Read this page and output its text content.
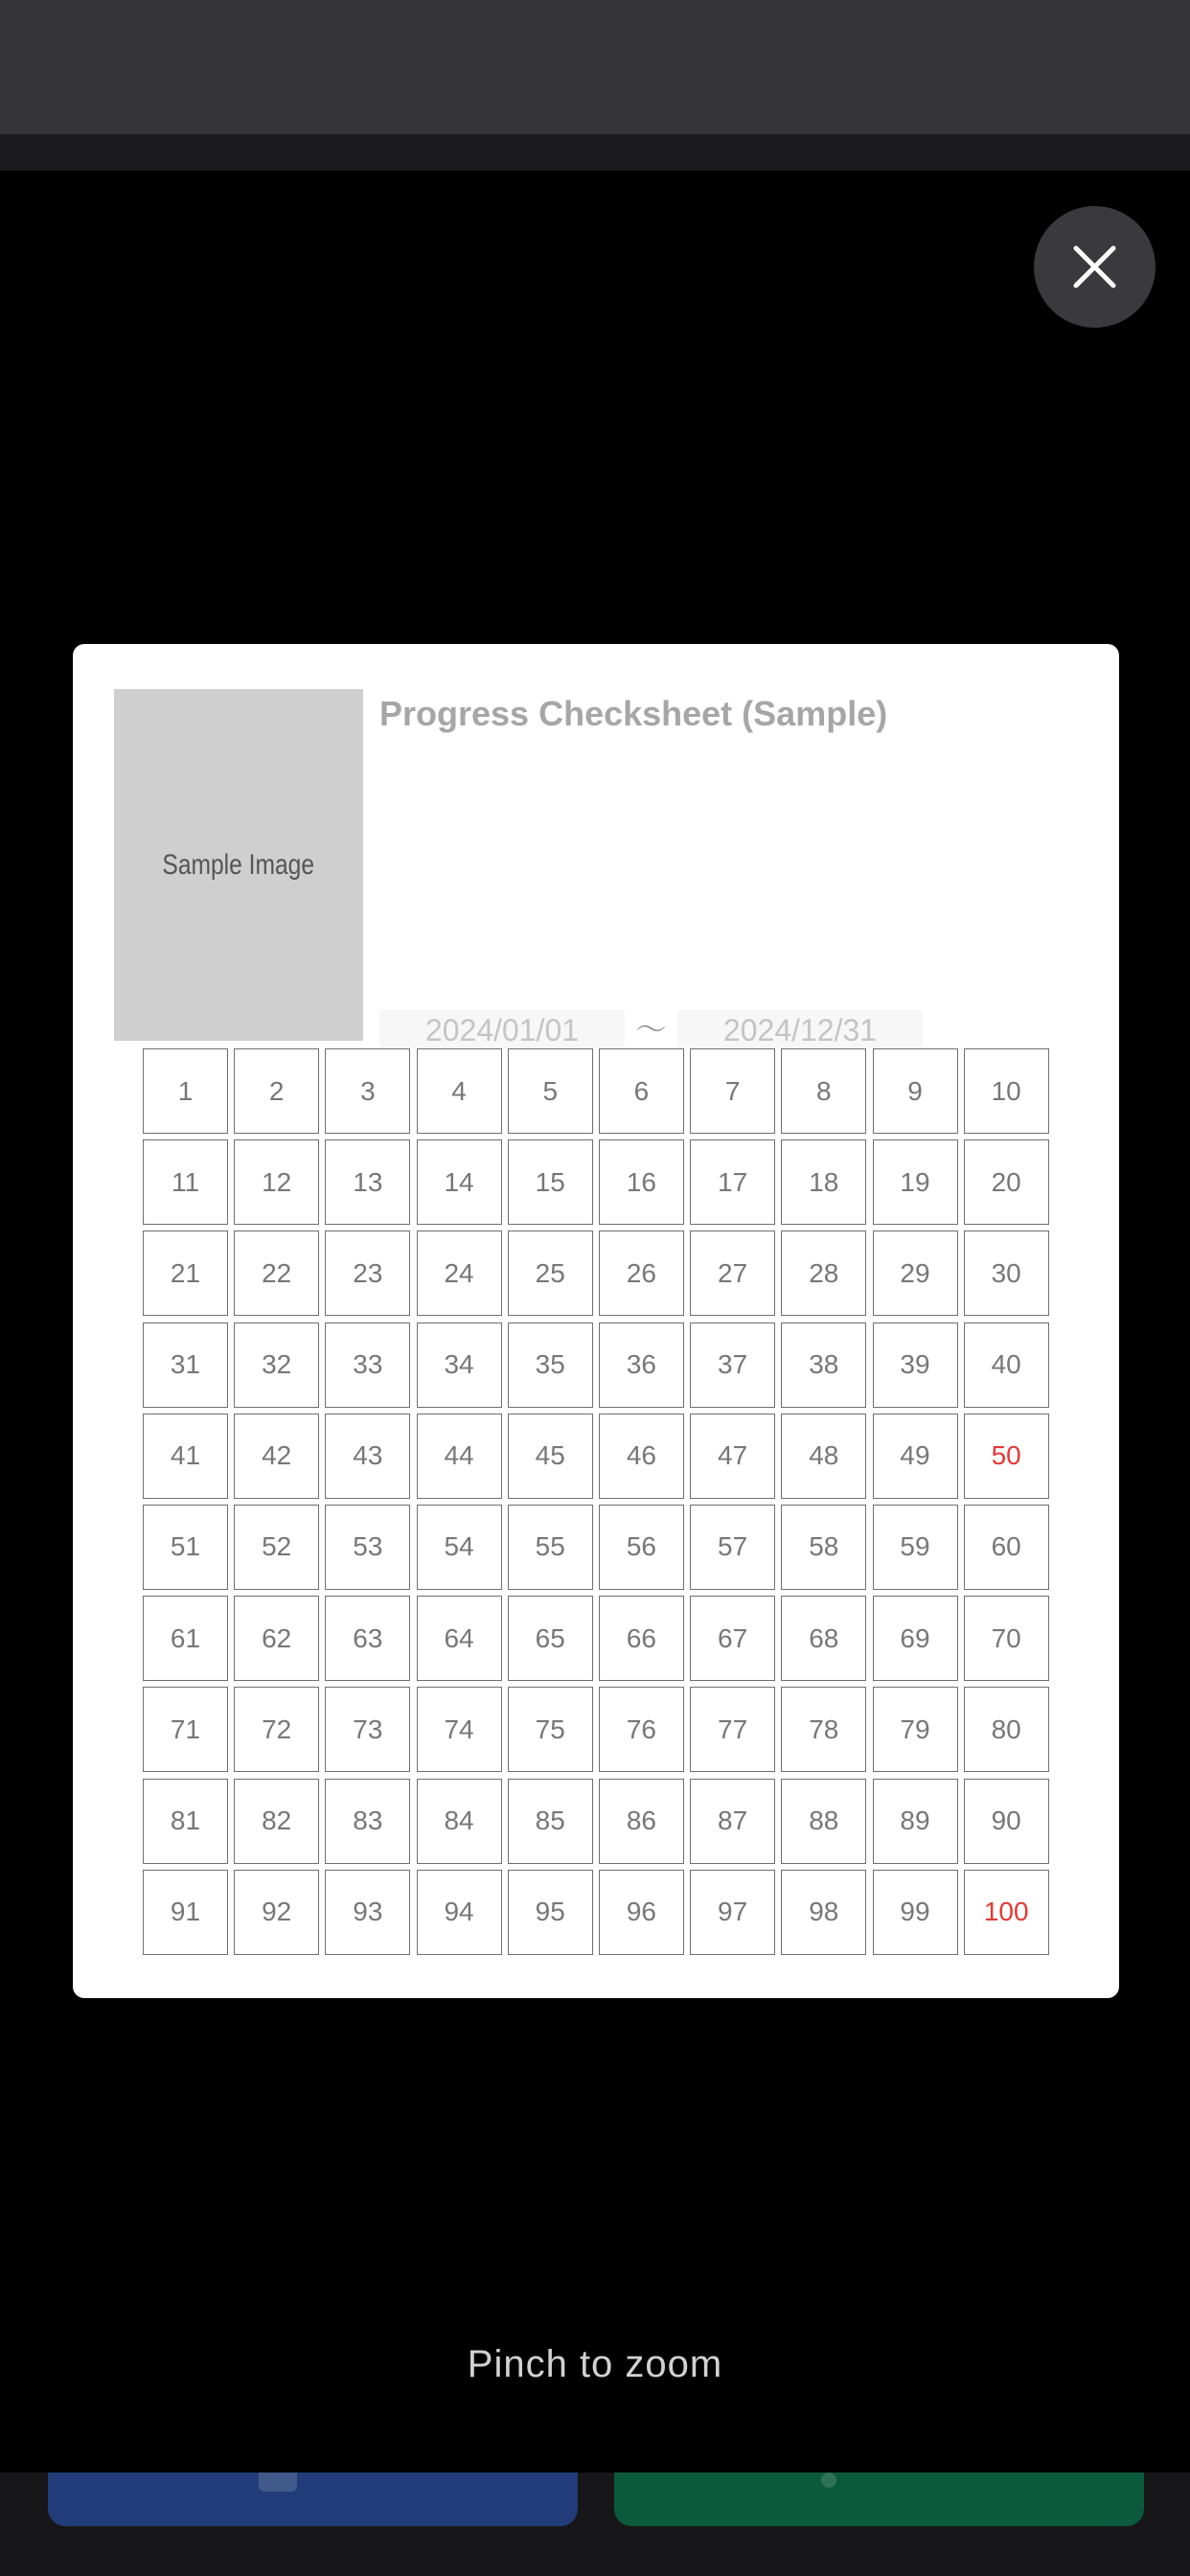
Sample Image
Progress Checksheet (Sample)
2024/01/01	〜	2024/12/31
1	2	3	4	5	6	7	8	9	10
11	12	13	14	15	16	17	18	19	20
21	22	23	24	25	26	27	28	29	30
31	32	33	34	35	36	37	38	39	40
41	42	43	44	45	46	47	48	49	50
51	52	53	54	55	56	57	58	59	60
61	62	63	64	65	66	67	68	69	70
71	72	73	74	75	76	77	78	79	80
81	82	83	84	85	86	87	88	89	90
91	92	93	94	95	96	97	98	99	100
Pinch to zoom
